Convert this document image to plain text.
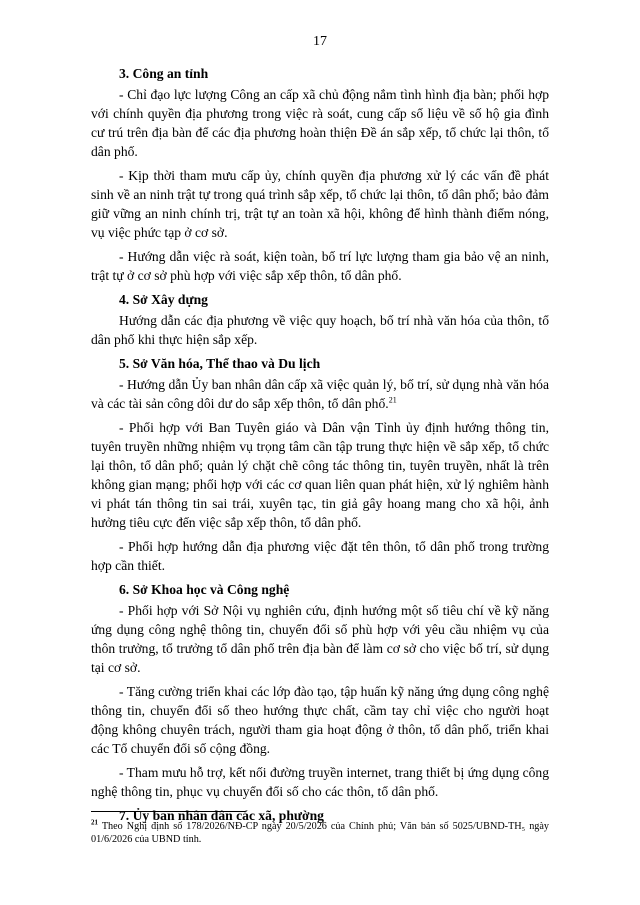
17

3. Công an tỉnh

- Chỉ đạo lực lượng Công an cấp xã chủ động nắm tình hình địa bàn; phối hợp với chính quyền địa phương trong việc rà soát, cung cấp số liệu về số hộ gia đình cư trú trên địa bàn để các địa phương hoàn thiện Đề án sắp xếp, tổ chức lại thôn, tổ dân phố.

- Kịp thời tham mưu cấp ủy, chính quyền địa phương xử lý các vấn đề phát sinh về an ninh trật tự trong quá trình sắp xếp, tổ chức lại thôn, tổ dân phố; bảo đảm giữ vững an ninh chính trị, trật tự an toàn xã hội, không để hình thành điểm nóng, vụ việc phức tạp ở cơ sở.

- Hướng dẫn việc rà soát, kiện toàn, bố trí lực lượng tham gia bảo vệ an ninh, trật tự ở cơ sở phù hợp với việc sắp xếp thôn, tổ dân phố.

4. Sở Xây dựng

Hướng dẫn các địa phương về việc quy hoạch, bố trí nhà văn hóa của thôn, tổ dân phố khi thực hiện sắp xếp.

5. Sở Văn hóa, Thể thao và Du lịch

- Hướng dẫn Ủy ban nhân dân cấp xã việc quản lý, bố trí, sử dụng nhà văn hóa và các tài sản công dôi dư do sắp xếp thôn, tổ dân phố.$^{21}$

- Phối hợp với Ban Tuyên giáo và Dân vận Tỉnh ủy định hướng thông tin, tuyên truyền những nhiệm vụ trọng tâm cần tập trung thực hiện về sắp xếp, tổ chức lại thôn, tổ dân phố; quản lý chặt chẽ công tác thông tin, tuyên truyền, nhất là trên không gian mạng; phối hợp với các cơ quan liên quan phát hiện, xử lý nghiêm hành vi phát tán thông tin sai trái, xuyên tạc, tin giả gây hoang mang cho xã hội, ảnh hưởng tiêu cực đến việc sắp xếp thôn, tổ dân phố.

- Phối hợp hướng dẫn địa phương việc đặt tên thôn, tổ dân phố trong trường hợp cần thiết.

6. Sở Khoa học và Công nghệ

- Phối hợp với Sở Nội vụ nghiên cứu, định hướng một số tiêu chí về kỹ năng ứng dụng công nghệ thông tin, chuyển đổi số phù hợp với yêu cầu nhiệm vụ của thôn trưởng, tổ trưởng tổ dân phố trên địa bàn để làm cơ sở cho việc bố trí, sử dụng tại cơ sở.

- Tăng cường triển khai các lớp đào tạo, tập huấn kỹ năng ứng dụng công nghệ thông tin, chuyển đổi số theo hướng thực chất, cầm tay chỉ việc cho người hoạt động không chuyên trách, người tham gia hoạt động ở thôn, tổ dân phố, triển khai các Tổ chuyển đổi số cộng đồng.

- Tham mưu hỗ trợ, kết nối đường truyền internet, trang thiết bị ứng dụng công nghệ thông tin, phục vụ chuyển đổi số cho các thôn, tổ dân phố.

7. Ủy ban nhân dân các xã, phường

$^{21}$ Theo Nghị định số 178/2026/NĐ-CP ngày 20/5/2026 của Chính phủ; Văn bản số 5025/UBND-TH₅ ngày 01/6/2026 của UBND tỉnh.
